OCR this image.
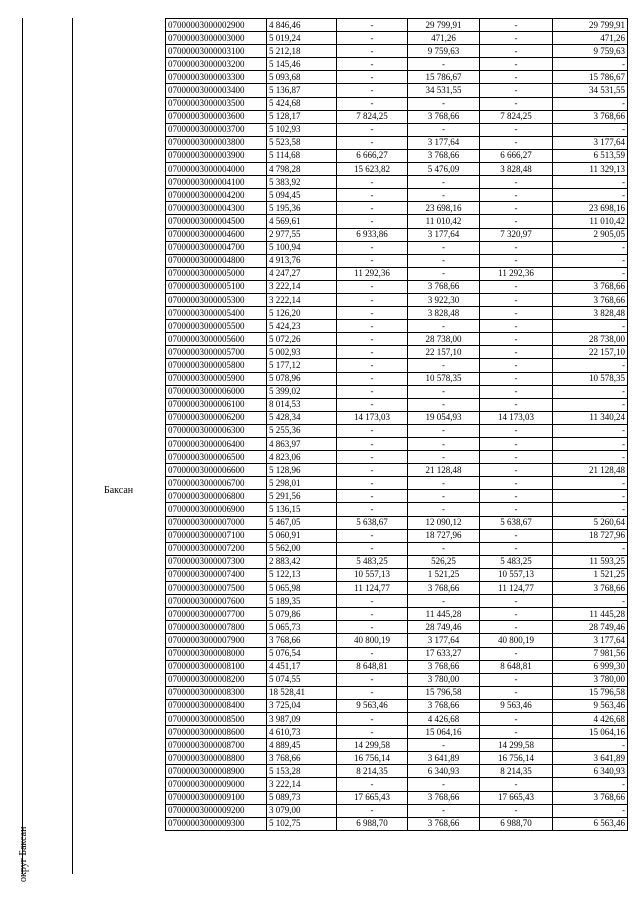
округ Баксан
Баксан
07000003000002900	4 846,46	-	29 799,91	-	29 799,91
07000003000003000	5 019,24	-	471,26	-	471,26
07000003000003100	5 212,18	-	9 759,63	-	9 759,63
07000003000003200	5 145,46	-	-	-	-
07000003000003300	5 093,68	-	15 786,67	-	15 786,67
07000003000003400	5 136,87	-	34 531,55	-	34 531,55
07000003000003500	5 424,68	-	-	-	-
07000003000003600	5 128,17	7 824,25	3 768,66	7 824,25	3 768,66
07000003000003700	5 102,93	-	-	-	-
07000003000003800	5 523,58	-	3 177,64	-	3 177,64
07000003000003900	5 114,68	6 666,27	3 768,66	6 666,27	6 513,59
07000003000004000	4 798,28	15 623,82	5 476,09	3 828,48	11 329,13
07000003000004100	5 383,92	-	-	-	-
07000003000004200	5 094,45	-	-	-	-
07000003000004300	5 195,36	-	23 698,16	-	23 698,16
07000003000004500	4 569,61	-	11 010,42	-	11 010,42
07000003000004600	2 977,55	6 933,86	3 177,64	7 320,97	2 905,05
07000003000004700	5 100,94	-	-	-	-
07000003000004800	4 913,76	-	-	-	-
07000003000005000	4 247,27	11 292,36	-	11 292,36	-
07000003000005100	3 222,14	-	3 768,66	-	3 768,66
07000003000005300	3 222,14	-	3 922,30	-	3 768,66
07000003000005400	5 126,20	-	3 828,48	-	3 828,48
07000003000005500	5 424,23	-	-	-	-
07000003000005600	5 072,26	-	28 738,00	-	28 738,00
07000003000005700	5 002,93	-	22 157,10	-	22 157,10
07000003000005800	5 177,12	-	-	-	-
07000003000005900	5 078,96	-	10 578,35	-	10 578,35
07000003000006000	5 399,02	-	-	-	-
07000003000006100	8 014,53	-	-	-	-
07000003000006200	5 428,34	14 173,03	19 054,93	14 173,03	11 340,24
07000003000006300	5 255,36	-	-	-	-
07000003000006400	4 863,97	-	-	-	-
07000003000006500	4 823,06	-	-	-	-
07000003000006600	5 128,96	-	21 128,48	-	21 128,48
07000003000006700	5 298,01	-	-	-	-
07000003000006800	5 291,56	-	-	-	-
07000003000006900	5 136,15	-	-	-	-
07000003000007000	5 467,05	5 638,67	12 090,12	5 638,67	5 260,64
07000003000007100	5 060,91	-	18 727,96	-	18 727,96
07000003000007200	5 562,00	-	-	-	-
07000003000007300	2 883,42	5 483,25	526,25	5 483,25	11 593,25
07000003000007400	5 122,13	10 557,13	1 521,25	10 557,13	1 521,25
07000003000007500	5 065,98	11 124,77	3 768,66	11 124,77	3 768,66
07000003000007600	5 189,35	-	-	-	-
07000003000007700	5 079,86	-	11 445,28	-	11 445,28
07000003000007800	5 065,73	-	28 749,46	-	28 749,46
07000003000007900	3 768,66	40 800,19	3 177,64	40 800,19	3 177,64
07000003000008000	5 076,54	-	17 633,27	-	7 981,56
07000003000008100	4 451,17	8 648,81	3 768,66	8 648,81	6 999,30
07000003000008200	5 074,55	-	3 780,00	-	3 780,00
07000003000008300	18 528,41	-	15 796,58	-	15 796,58
07000003000008400	3 725,04	9 563,46	3 768,66	9 563,46	9 563,46
07000003000008500	3 987,09	-	4 426,68	-	4 426,68
07000003000008600	4 610,73	-	15 064,16	-	15 064,16
07000003000008700	4 889,45	14 299,58	-	14 299,58	-
07000003000008800	3 768,66	16 756,14	3 641,89	16 756,14	3 641,89
07000003000008900	5 153,28	8 214,35	6 340,93	8 214,35	6 340,93
07000003000009000	3 222,14	-	-	-	-
07000003000009100	5 089,73	17 665,43	3 768,66	17 665,43	3 768,66
07000003000009200	3 079,00	-	-	-	-
07000003000009300	5 102,75	6 988,70	3 768,66	6 988,70	6 563,46
